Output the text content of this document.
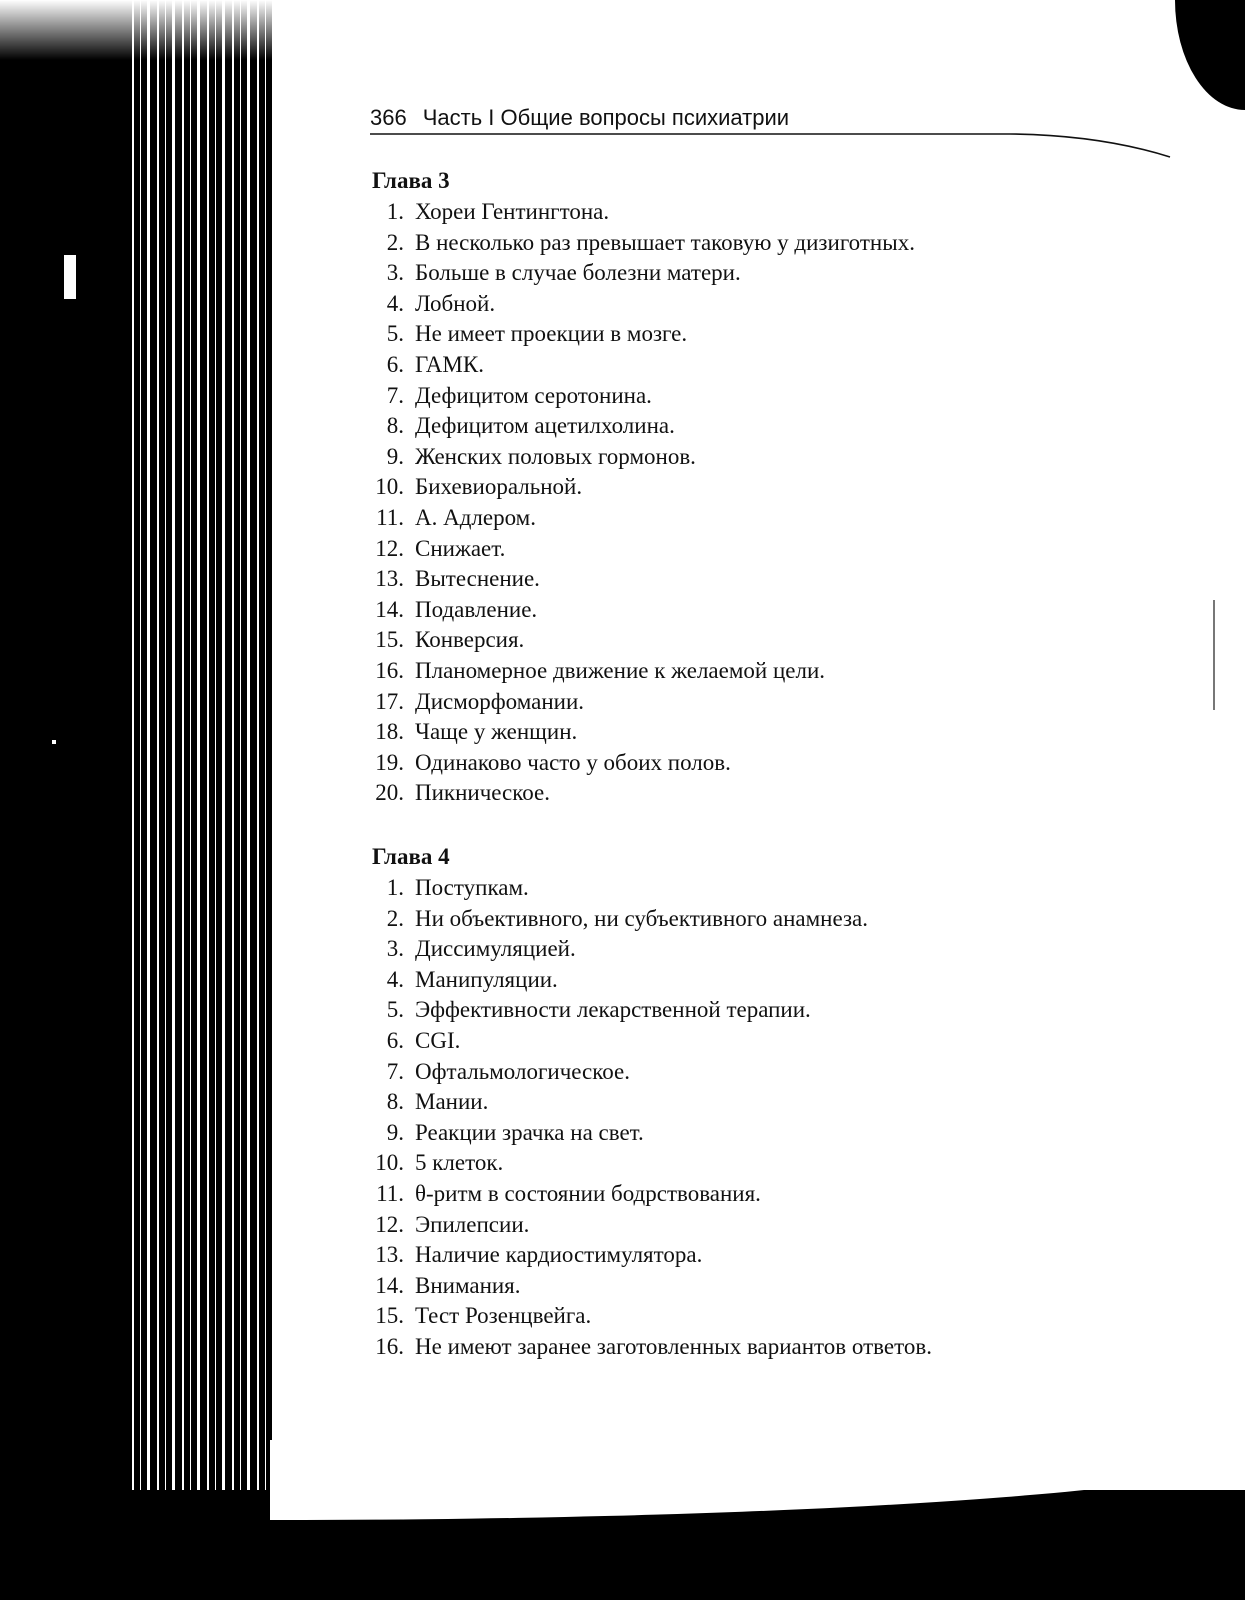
366 Часть I Общие вопросы психиатрии
Глава 3
1. Хореи Гентингтона.
2. В несколько раз превышает таковую у дизиготных.
3. Больше в случае болезни матери.
4. Лобной.
5. Не имеет проекции в мозге.
6. ГАМК.
7. Дефицитом серотонина.
8. Дефицитом ацетилхолина.
9. Женских половых гормонов.
10. Бихевиоральной.
11. А. Адлером.
12. Снижает.
13. Вытеснение.
14. Подавление.
15. Конверсия.
16. Планомерное движение к желаемой цели.
17. Дисморфомании.
18. Чаще у женщин.
19. Одинаково часто у обоих полов.
20. Пикническое.
Глава 4
1. Поступкам.
2. Ни объективного, ни субъективного анамнеза.
3. Диссимуляцией.
4. Манипуляции.
5. Эффективности лекарственной терапии.
6. CGI.
7. Офтальмологическое.
8. Мании.
9. Реакции зрачка на свет.
10. 5 клеток.
11. θ-ритм в состоянии бодрствования.
12. Эпилепсии.
13. Наличие кардиостимулятора.
14. Внимания.
15. Тест Розенцвейга.
16. Не имеют заранее заготовленных вариантов ответов.
